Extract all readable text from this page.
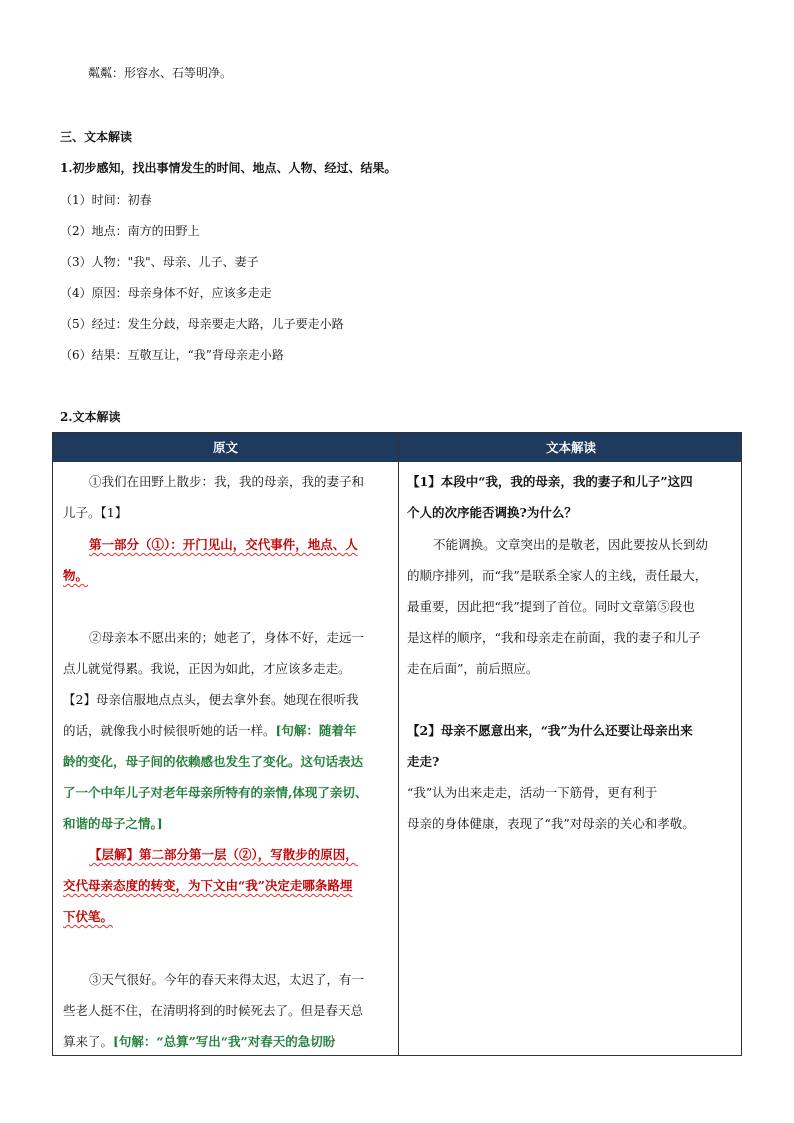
粼粼：形容水、石等明净。
三、文本解读
1.初步感知，找出事情发生的时间、地点、人物、经过、结果。
（1）时间：初春
（2）地点：南方的田野上
（3）人物："我"、母亲、儿子、妻子
（4）原因：母亲身体不好，应该多走走
（5）经过：发生分歧，母亲要走大路，儿子要走小路
（6）结果：互敬互让，“我”背母亲走小路
2.文本解读
原文	文本解读
①我们在田野上散步：我，我的母亲，我的妻子和
儿子。【1】
第一部分（①）：开门见山，交代事件，地点、人
物。
②母亲本不愿出来的；她老了，身体不好，走远一
点儿就觉得累。我说，正因为如此，才应该多走走。
【2】母亲信服地点点头，便去拿外套。她现在很听我
的话，就像我小时候很听她的话一样。[句解：随着年
龄的变化，母子间的依赖感也发生了变化。这句话表达
了一个中年儿子对老年母亲所特有的亲情,体现了亲切、
和谐的母子之情。]
【层解】第二部分第一层（②），写散步的原因，
交代母亲态度的转变，为下文由“我”决定走哪条路埋
下伏笔。
③天气很好。今年的春天来得太迟，太迟了，有一
些老人挺不住，在清明将到的时候死去了。但是春天总
算来了。[句解：“总算”写出“我”对春天的急切盼
【1】本段中“我，我的母亲，我的妻子和儿子”这四
个人的次序能否调换?为什么？
不能调换。文章突出的是敬老，因此要按从长到幼
的顺序排列，而“我”是联系全家人的主线，责任最大，
最重要，因此把“我”提到了首位。同时文章第⑤段也
是这样的顺序，“我和母亲走在前面，我的妻子和儿子
走在后面”，前后照应。
【2】母亲不愿意出来，“我”为什么还要让母亲出来
走走?
“我”认为出来走走，活动一下筋骨，更有利于
母亲的身体健康，表现了“我”对母亲的关心和孝敬。
